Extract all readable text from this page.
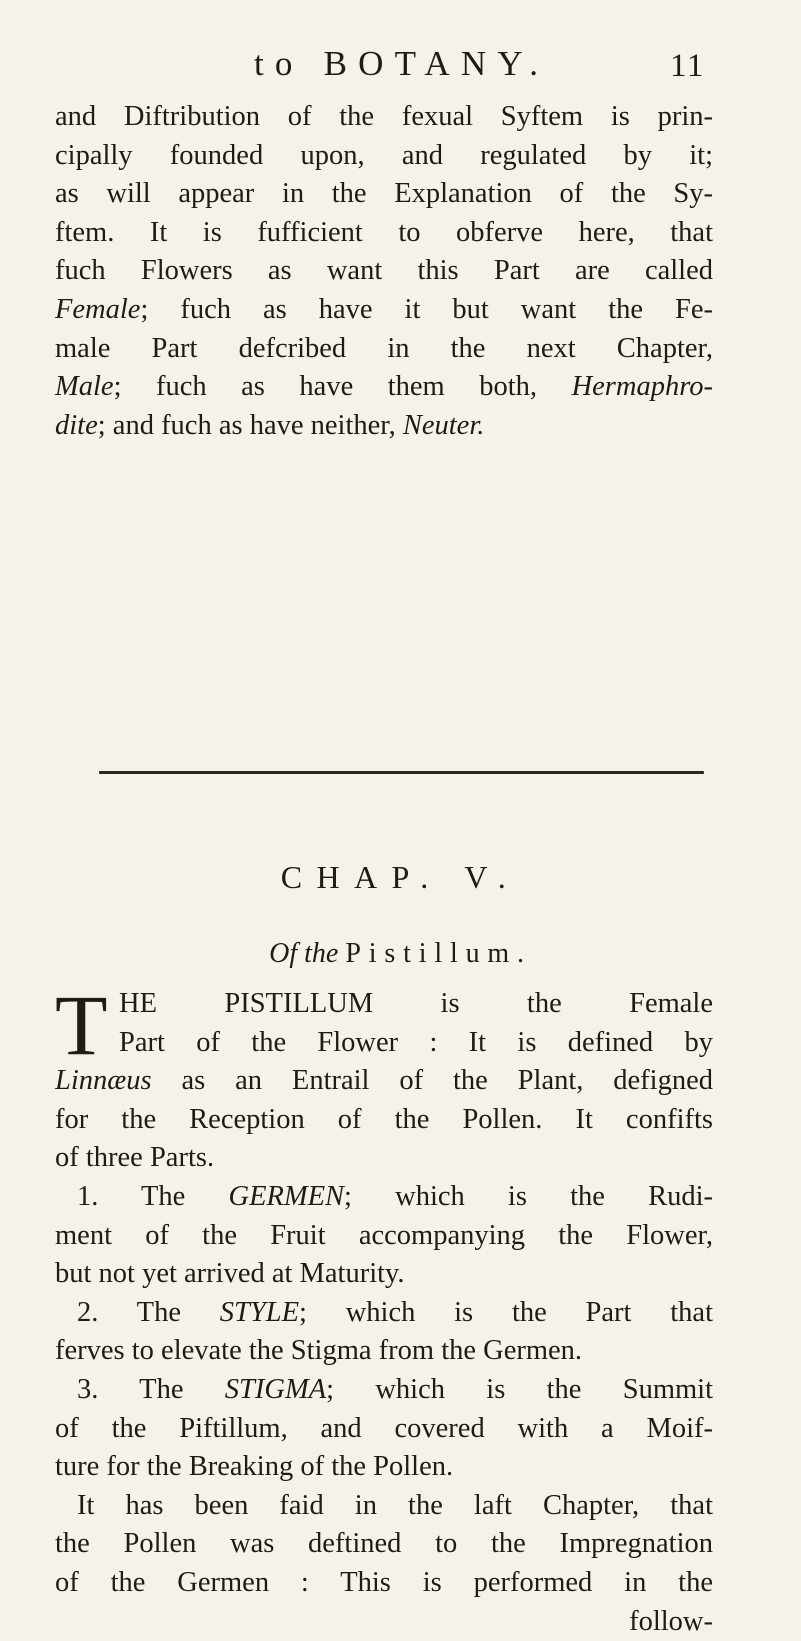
to BOTANY.	11
and Diftribution of the fexual Syftem is prin-
cipally founded upon, and regulated by it;
as will appear in the Explanation of the Sy-
ftem. It is fufficient to obferve here, that
fuch Flowers as want this Part are called
Female; fuch as have it but want the Fe-
male Part defcribed in the next Chapter,
Male; fuch as have them both, Hermaphro-
dite; and fuch as have neither, Neuter.
CHAP. V.
Of the Pistillum.
T HE PISTILLUM is the Female
Part of the Flower : It is defined by
Linnæus as an Entrail of the Plant, defigned
for the Reception of the Pollen. It confifts
of three Parts.
1. The GERMEN; which is the Rudi-
ment of the Fruit accompanying the Flower,
but not yet arrived at Maturity.
2. The STYLE; which is the Part that
ferves to elevate the Stigma from the Germen.
3. The STIGMA; which is the Summit
of the Piftillum, and covered with a Moif-
ture for the Breaking of the Pollen.
It has been faid in the laft Chapter, that
the Pollen was deftined to the Impregnation
of the Germen : This is performed in the
follow-
